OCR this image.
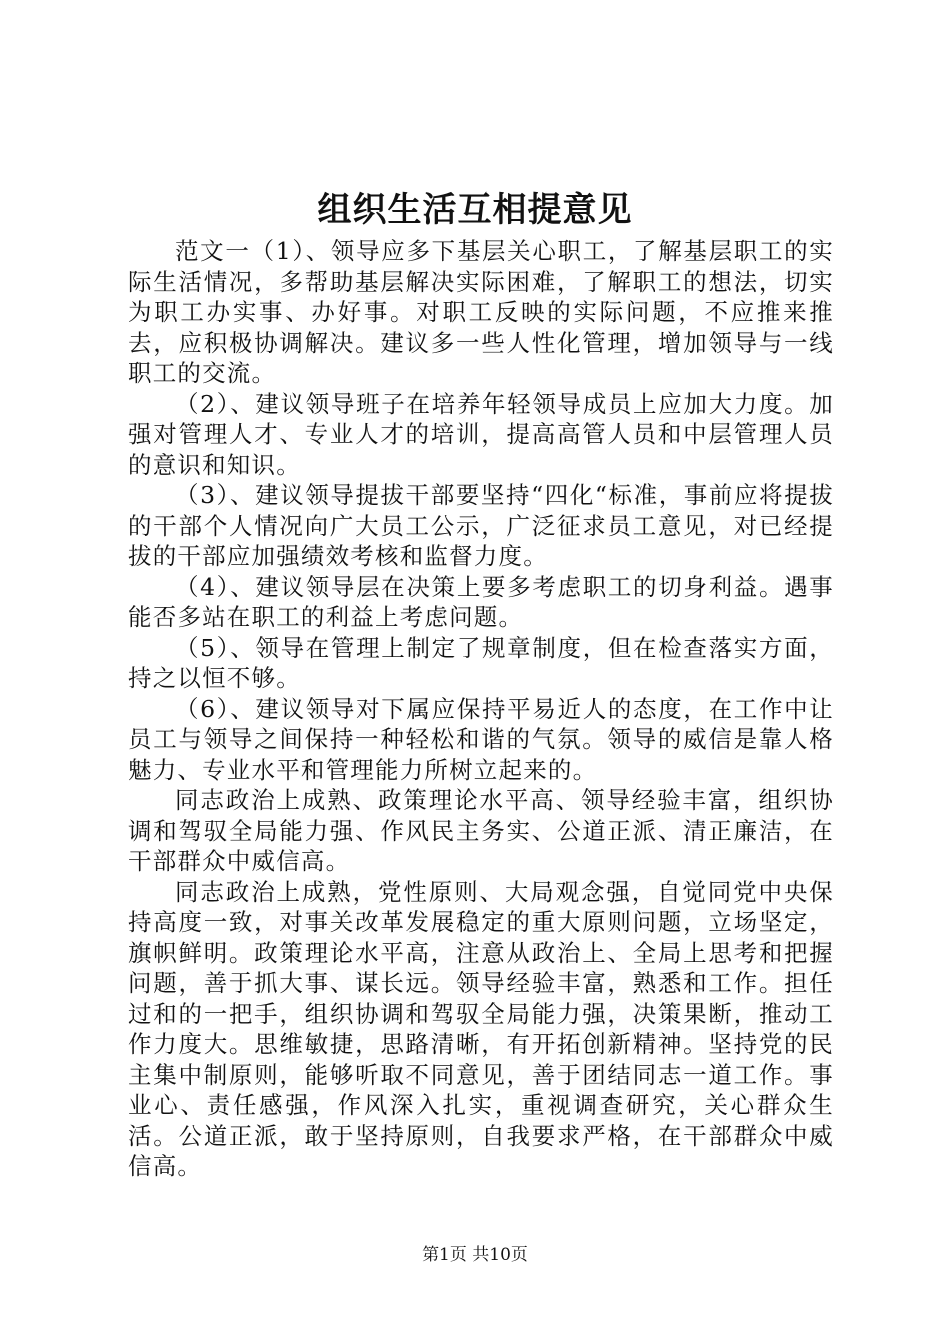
组织生活互相提意见

范文一（1）、领导应多下基层关心职工，了解基层职工的实际生活情况，多帮助基层解决实际困难，了解职工的想法，切实为职工办实事、办好事。对职工反映的实际问题，不应推来推去，应积极协调解决。建议多一些人性化管理，增加领导与一线职工的交流。

（2）、建议领导班子在培养年轻领导成员上应加大力度。加强对管理人才、专业人才的培训，提高高管人员和中层管理人员的意识和知识。

（3）、建议领导提拔干部要坚持“四化“标准，事前应将提拔的干部个人情况向广大员工公示，广泛征求员工意见，对已经提拔的干部应加强绩效考核和监督力度。

（4）、建议领导层在决策上要多考虑职工的切身利益。遇事能否多站在职工的利益上考虑问题。

（5）、领导在管理上制定了规章制度，但在检查落实方面，持之以恒不够。

（6）、建议领导对下属应保持平易近人的态度，在工作中让员工与领导之间保持一种轻松和谐的气氛。领导的威信是靠人格魅力、专业水平和管理能力所树立起来的。

同志政治上成熟、政策理论水平高、领导经验丰富，组织协调和驾驭全局能力强、作风民主务实、公道正派、清正廉洁，在干部群众中威信高。

同志政治上成熟，党性原则、大局观念强，自觉同党中央保持高度一致，对事关改革发展稳定的重大原则问题，立场坚定，旗帜鲜明。政策理论水平高，注意从政治上、全局上思考和把握问题，善于抓大事、谋长远。领导经验丰富，熟悉和工作。担任过和的一把手，组织协调和驾驭全局能力强，决策果断，推动工作力度大。思维敏捷，思路清晰，有开拓创新精神。坚持党的民主集中制原则，能够听取不同意见，善于团结同志一道工作。事业心、责任感强，作风深入扎实，重视调查研究，关心群众生活。公道正派，敢于坚持原则，自我要求严格，在干部群众中威信高。

第1页 共10页
